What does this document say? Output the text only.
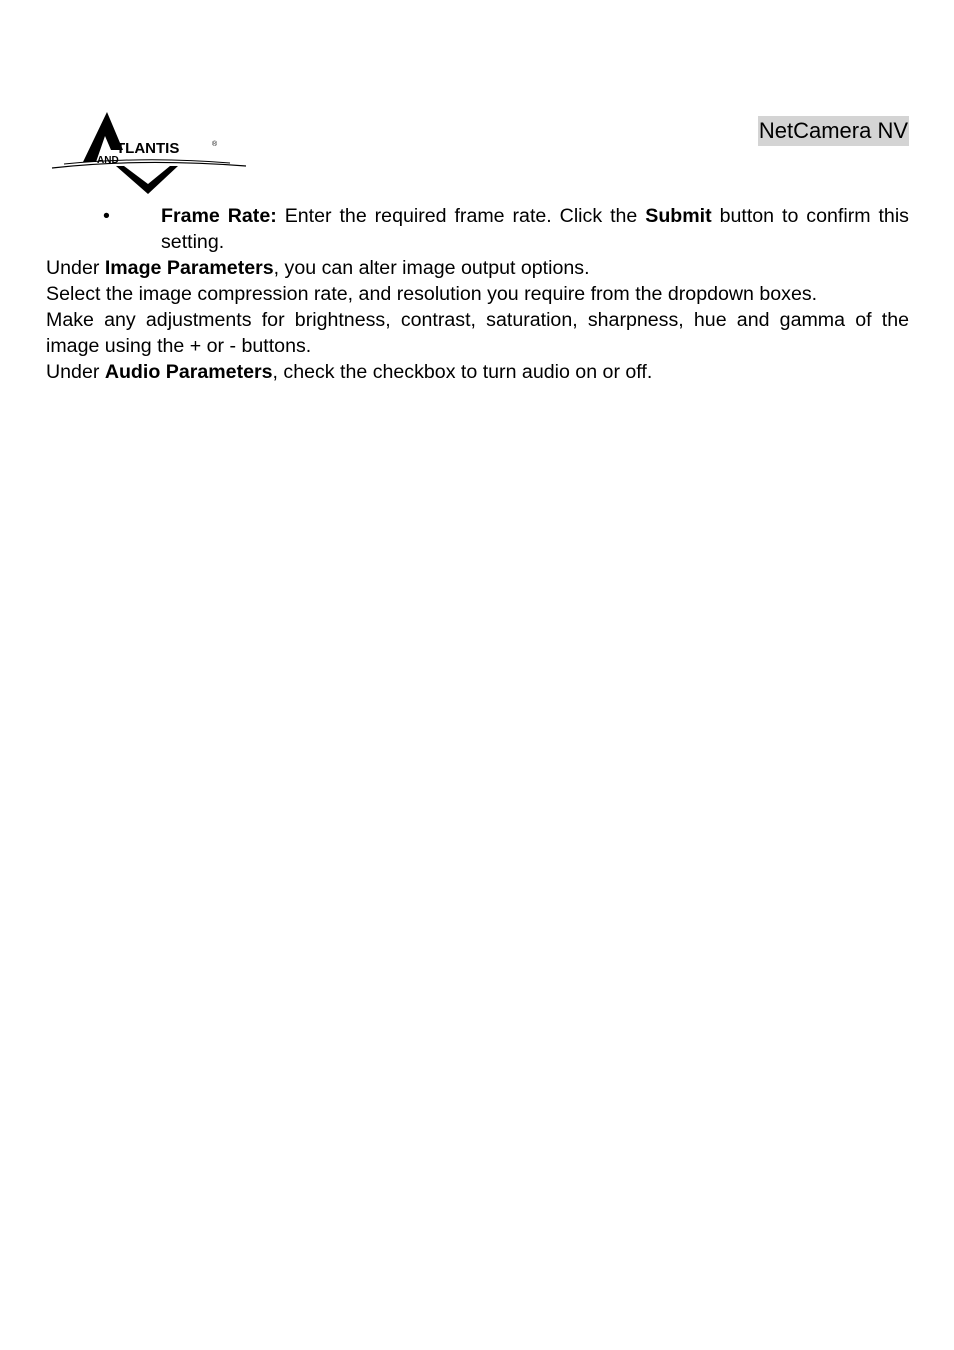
TLANTIS	®
AND
NetCamera NV
•	Frame Rate: Enter the required frame rate. Click the Submit button to confirm this setting.

Under Image Parameters, you can alter image output options.

Select the image compression rate, and resolution you require from the dropdown boxes.

Make any adjustments for brightness, contrast, saturation, sharpness, hue and gamma of the image using the + or - buttons.

Under Audio Parameters, check the checkbox to turn audio on or off.
